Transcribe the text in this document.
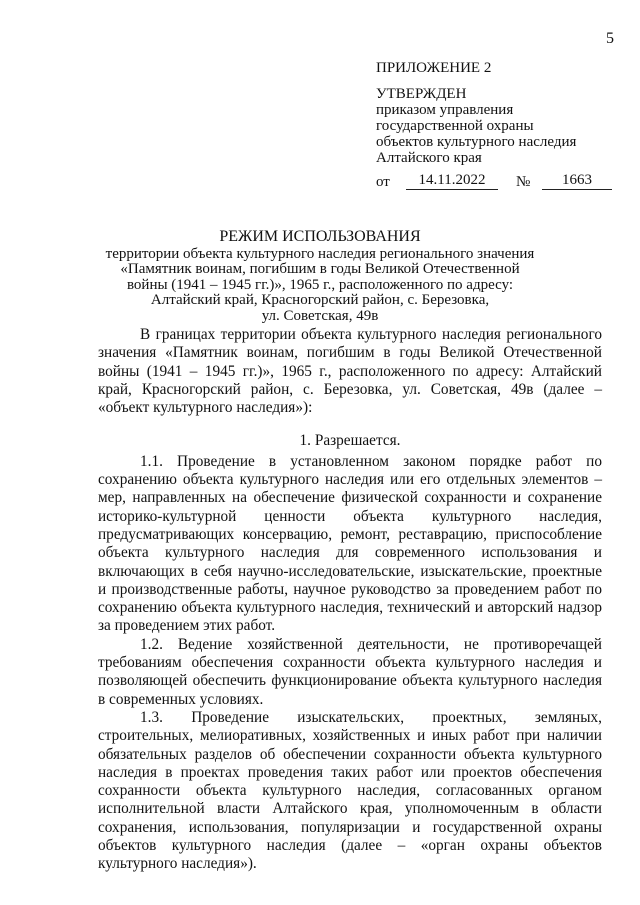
5
ПРИЛОЖЕНИЕ 2
УТВЕРЖДЕН
приказом управления
государственной охраны
объектов культурного наследия
Алтайского края
от	14.11.2022	№	1663
РЕЖИМ ИСПОЛЬЗОВАНИЯ
территории объекта культурного наследия регионального значения
«Памятник воинам, погибшим в годы Великой Отечественной
войны (1941 – 1945 гг.)», 1965 г., расположенного по адресу:
Алтайский край, Красногорский район, с. Березовка,
ул. Советская, 49в

В границах территории объекта культурного наследия регионального значения «Памятник воинам, погибшим в годы Великой Отечественной войны (1941 – 1945 гг.)», 1965 г., расположенного по адресу: Алтайский край, Красногорский район, с. Березовка, ул. Советская, 49в (далее – «объект культурного наследия»):

1. Разрешается.

1.1. Проведение в установленном законом порядке работ по сохранению объекта культурного наследия или его отдельных элементов – мер, направленных на обеспечение физической сохранности и сохранение историко-культурной ценности объекта культурного наследия, предусматривающих консервацию, ремонт, реставрацию, приспособление объекта культурного наследия для современного использования и включающих в себя научно-исследовательские, изыскательские, проектные и производственные работы, научное руководство за проведением работ по сохранению объекта культурного наследия, технический и авторский надзор за проведением этих работ.

1.2. Ведение хозяйственной деятельности, не противоречащей требованиям обеспечения сохранности объекта культурного наследия и позволяющей обеспечить функционирование объекта культурного наследия в современных условиях.

1.3. Проведение изыскательских, проектных, земляных, строительных, мелиоративных, хозяйственных и иных работ при наличии обязательных разделов об обеспечении сохранности объекта культурного наследия в проектах проведения таких работ или проектов обеспечения сохранности объекта культурного наследия, согласованных органом исполнительной власти Алтайского края, уполномоченным в области сохранения, использования, популяризации и государственной охраны объектов культурного наследия (далее – «орган охраны объектов культурного наследия»).
